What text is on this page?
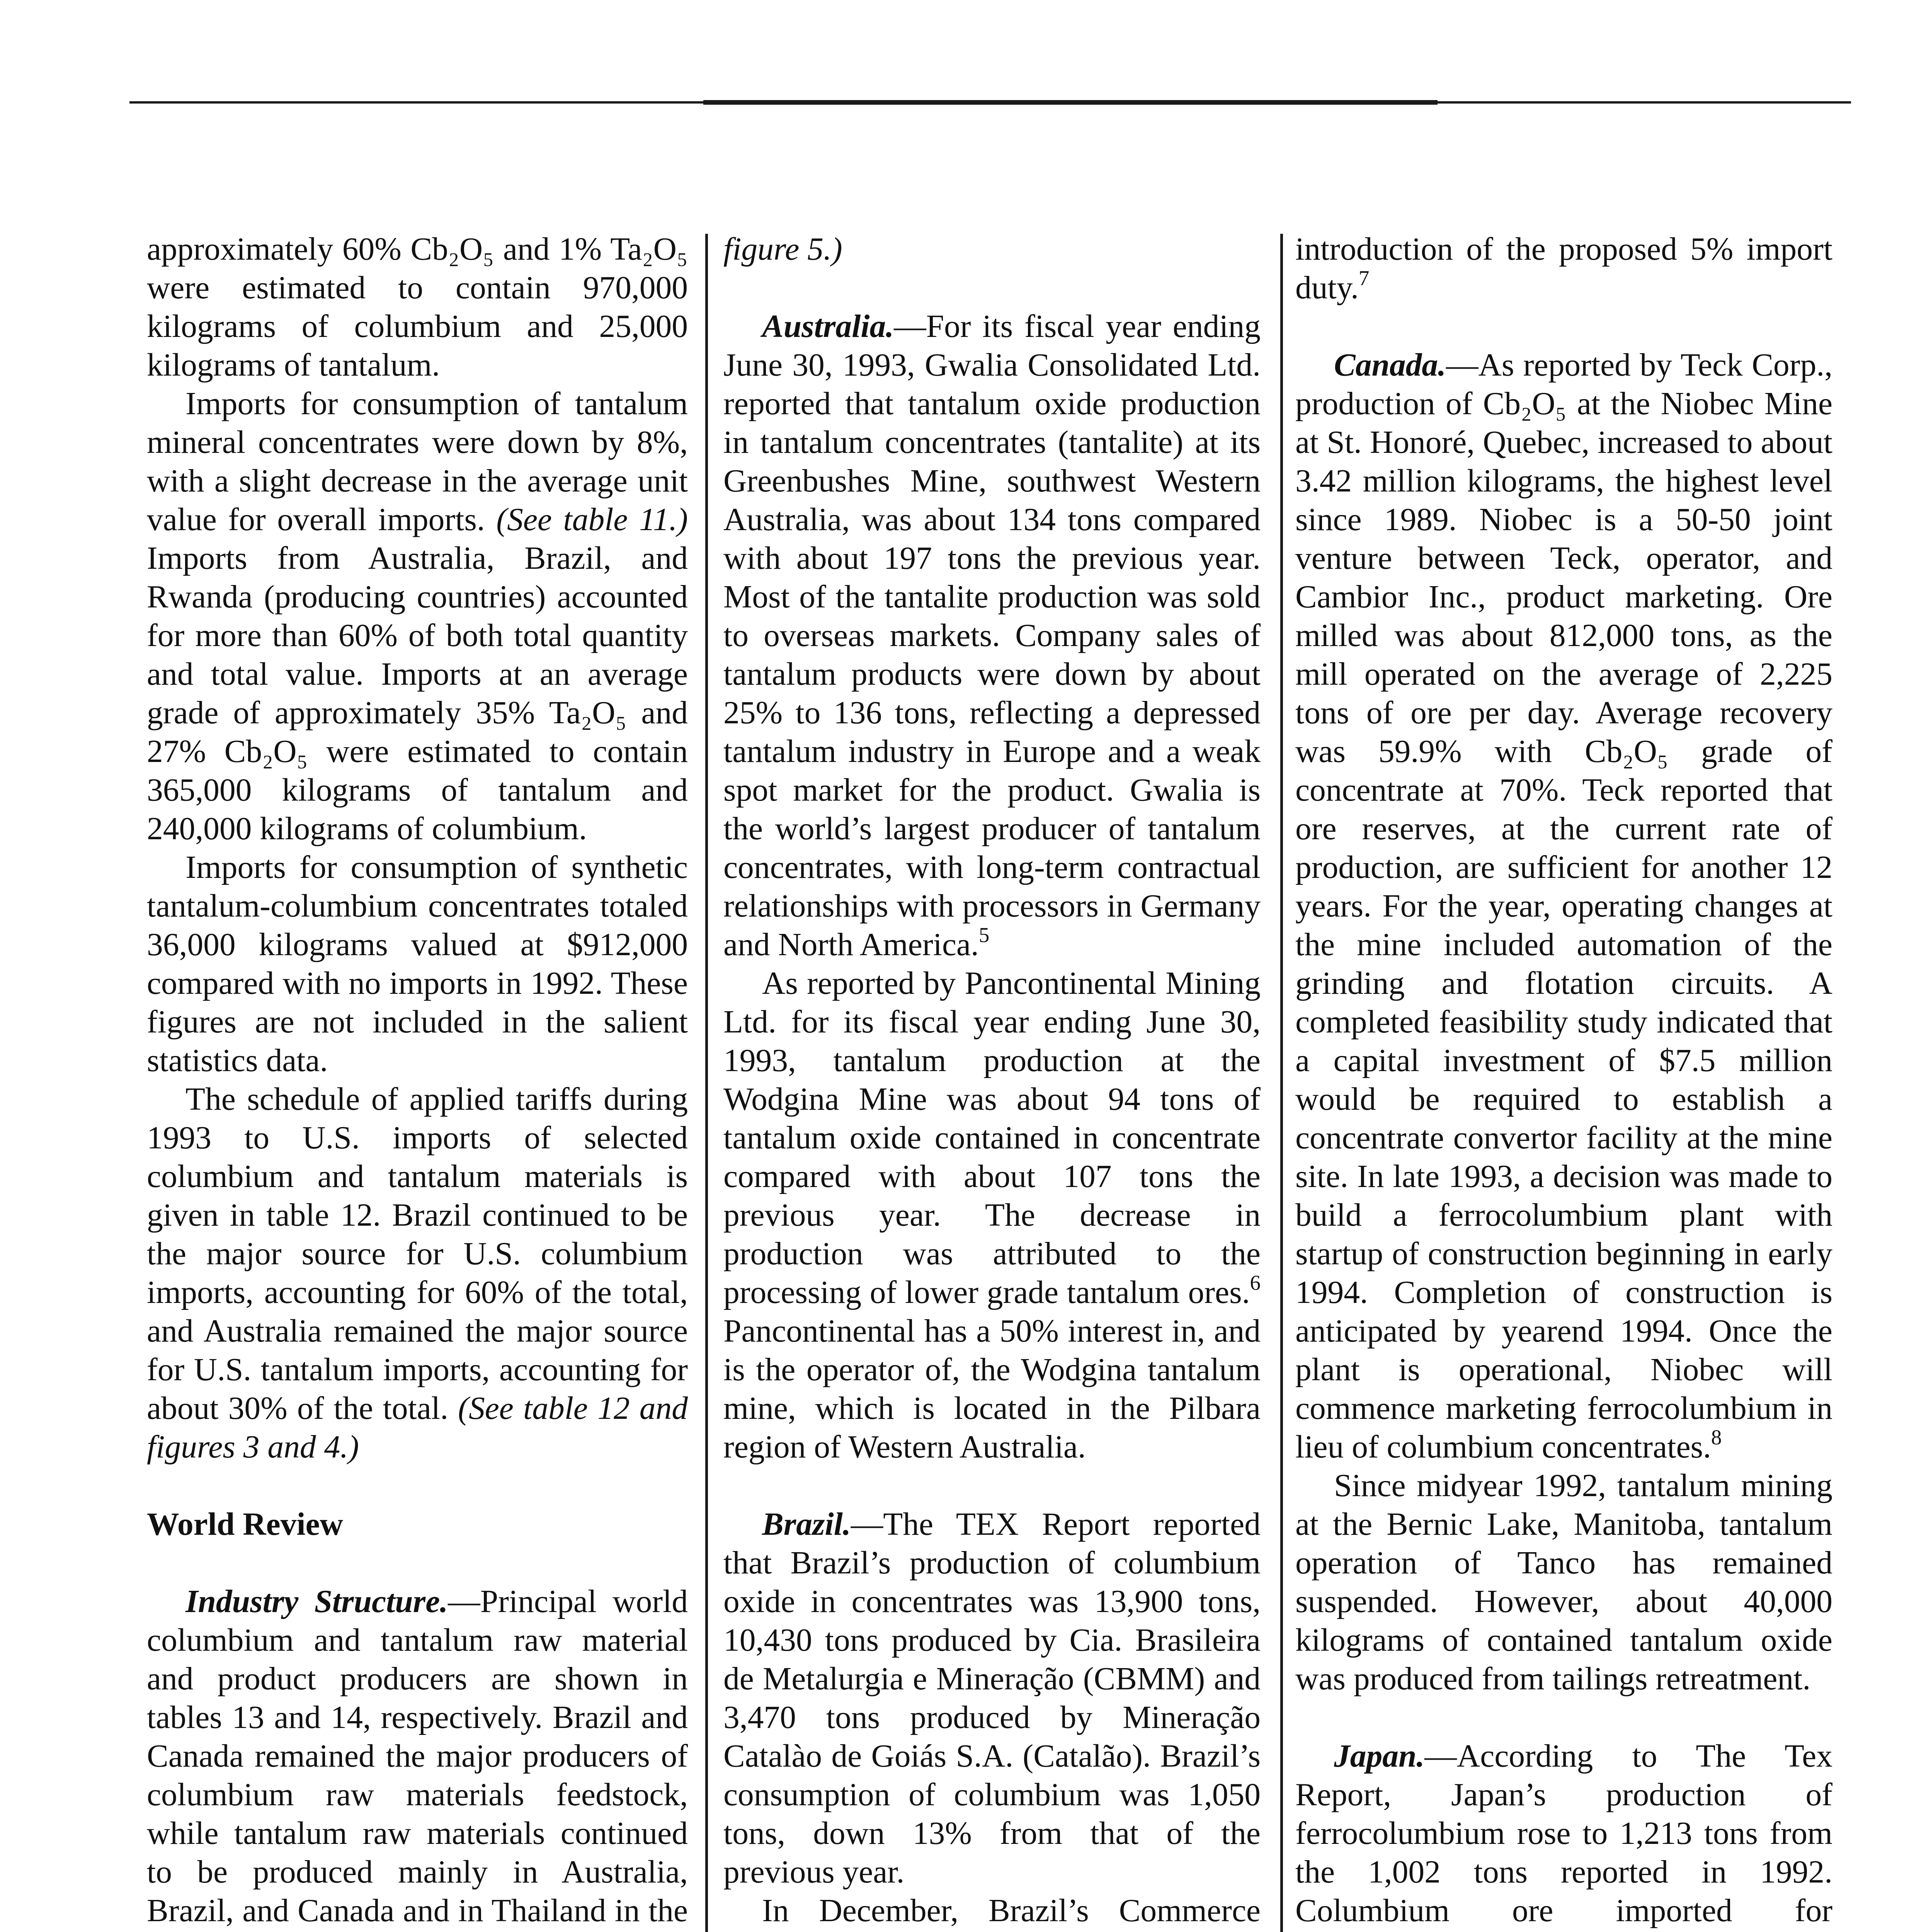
approximately 60% Cb₂O₅ and 1% Ta₂O₅ were estimated to contain 970,000 kilograms of columbium and 25,000 kilograms of tantalum.

Imports for consumption of tantalum mineral concentrates were down by 8%, with a slight decrease in the average unit value for overall imports. (See table 11.) Imports from Australia, Brazil, and Rwanda (producing countries) accounted for more than 60% of both total quantity and total value. Imports at an average grade of approximately 35% Ta₂O₅ and 27% Cb₂O₅ were estimated to contain 365,000 kilograms of tantalum and 240,000 kilograms of columbium.

Imports for consumption of synthetic tantalum-columbium concentrates totaled 36,000 kilograms valued at $912,000 compared with no imports in 1992. These figures are not included in the salient statistics data.

The schedule of applied tariffs during 1993 to U.S. imports of selected columbium and tantalum materials is given in table 12. Brazil continued to be the major source for U.S. columbium imports, accounting for 60% of the total, and Australia remained the major source for U.S. tantalum imports, accounting for about 30% of the total. (See table 12 and figures 3 and 4.)

World Review

Industry Structure.—Principal world columbium and tantalum raw material and product producers are shown in tables 13 and 14, respectively. Brazil and Canada remained the major producers of columbium raw materials feedstock, while tantalum raw materials continued to be produced mainly in Australia, Brazil, and Canada and in Thailand in the

figure 5.)

Australia.—For its fiscal year ending June 30, 1993, Gwalia Consolidated Ltd. reported that tantalum oxide production in tantalum concentrates (tantalite) at its Greenbushes Mine, southwest Western Australia, was about 134 tons compared with about 197 tons the previous year. Most of the tantalite production was sold to overseas markets. Company sales of tantalum products were down by about 25% to 136 tons, reflecting a depressed tantalum industry in Europe and a weak spot market for the product. Gwalia is the world’s largest producer of tantalum concentrates, with long-term contractual relationships with processors in Germany and North America.$^5$

As reported by Pancontinental Mining Ltd. for its fiscal year ending June 30, 1993, tantalum production at the Wodgina Mine was about 94 tons of tantalum oxide contained in concentrate compared with about 107 tons the previous year. The decrease in production was attributed to the processing of lower grade tantalum ores.$^6$ Pancontinental has a 50% interest in, and is the operator of, the Wodgina tantalum mine, which is located in the Pilbara region of Western Australia.

Brazil.—The TEX Report reported that Brazil’s production of columbium oxide in concentrates was 13,900 tons, 10,430 tons produced by Cia. Brasileira de Metalurgia e Mineração (CBMM) and 3,470 tons produced by Mineração Catalào de Goiás S.A. (Catalão). Brazil’s consumption of columbium was 1,050 tons, down 13% from that of the previous year.

In December, Brazil’s Commerce

introduction of the proposed 5% import duty.$^7$

Canada.—As reported by Teck Corp., production of Cb₂O₅ at the Niobec Mine at St. Honoré, Quebec, increased to about 3.42 million kilograms, the highest level since 1989. Niobec is a 50-50 joint venture between Teck, operator, and Cambior Inc., product marketing. Ore milled was about 812,000 tons, as the mill operated on the average of 2,225 tons of ore per day. Average recovery was 59.9% with Cb₂O₅ grade of concentrate at 70%. Teck reported that ore reserves, at the current rate of production, are sufficient for another 12 years. For the year, operating changes at the mine included automation of the grinding and flotation circuits. A completed feasibility study indicated that a capital investment of $7.5 million would be required to establish a concentrate convertor facility at the mine site. In late 1993, a decision was made to build a ferrocolumbium plant with startup of construction beginning in early 1994. Completion of construction is anticipated by yearend 1994. Once the plant is operational, Niobec will commence marketing ferrocolumbium in lieu of columbium concentrates.$^8$

Since midyear 1992, tantalum mining at the Bernic Lake, Manitoba, tantalum operation of Tanco has remained suspended. However, about 40,000 kilograms of contained tantalum oxide was produced from tailings retreatment.

Japan.—According to The Tex Report, Japan’s production of ferrocolumbium rose to 1,213 tons from the 1,002 tons reported in 1992. Columbium ore imported for
